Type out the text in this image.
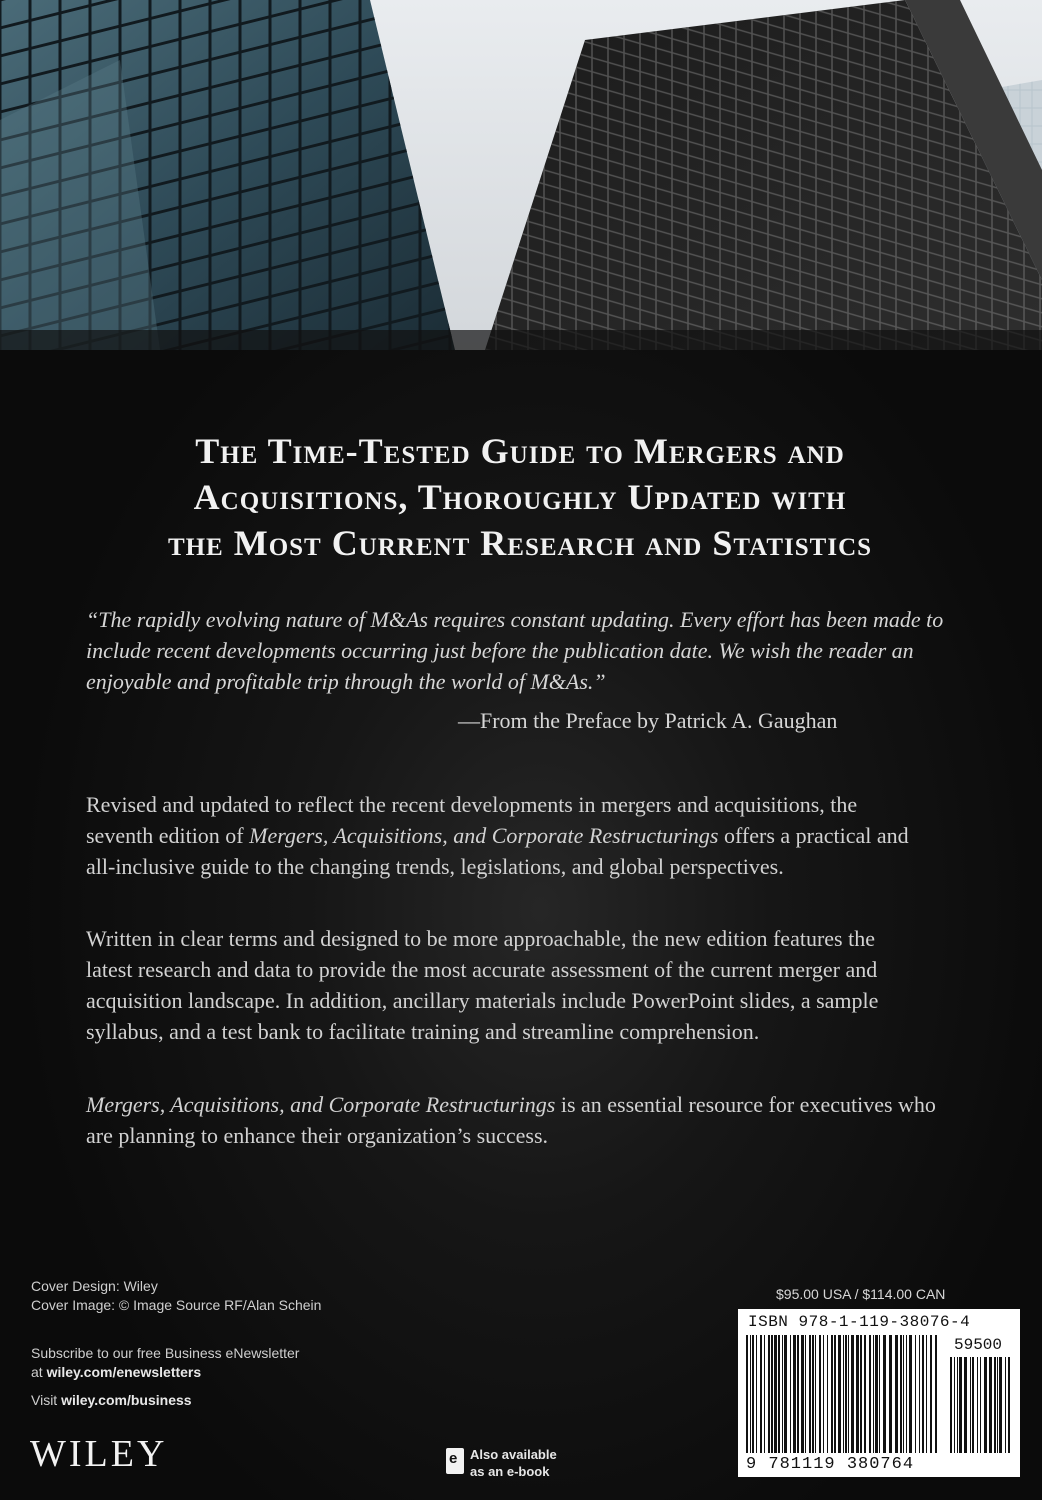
The Time-Tested Guide to Mergers and
Acquisitions, Thoroughly Updated with
the Most Current Research and Statistics
“The rapidly evolving nature of M&As requires constant updating. Every effort has been made to
include recent developments occurring just before the publication date. We wish the reader an
enjoyable and profitable trip through the world of M&As.”
—From the Preface by Patrick A. Gaughan
Revised and updated to reflect the recent developments in mergers and acquisitions, the
seventh edition of Mergers, Acquisitions, and Corporate Restructurings offers a practical and
all-inclusive guide to the changing trends, legislations, and global perspectives.
Written in clear terms and designed to be more approachable, the new edition features the
latest research and data to provide the most accurate assessment of the current merger and
acquisition landscape. In addition, ancillary materials include PowerPoint slides, a sample
syllabus, and a test bank to facilitate training and streamline comprehension.
Mergers, Acquisitions, and Corporate Restructurings is an essential resource for executives who
are planning to enhance their organization’s success.
Cover Design: Wiley
Cover Image: © Image Source RF/Alan Schein
Subscribe to our free Business eNewsletter
at wiley.com/enewsletters
Visit wiley.com/business
WILEY
e	Also available
as an e-book
$95.00 USA / $114.00 CAN
ISBN 978-1-119-38076-4
59500
9 781119 380764
